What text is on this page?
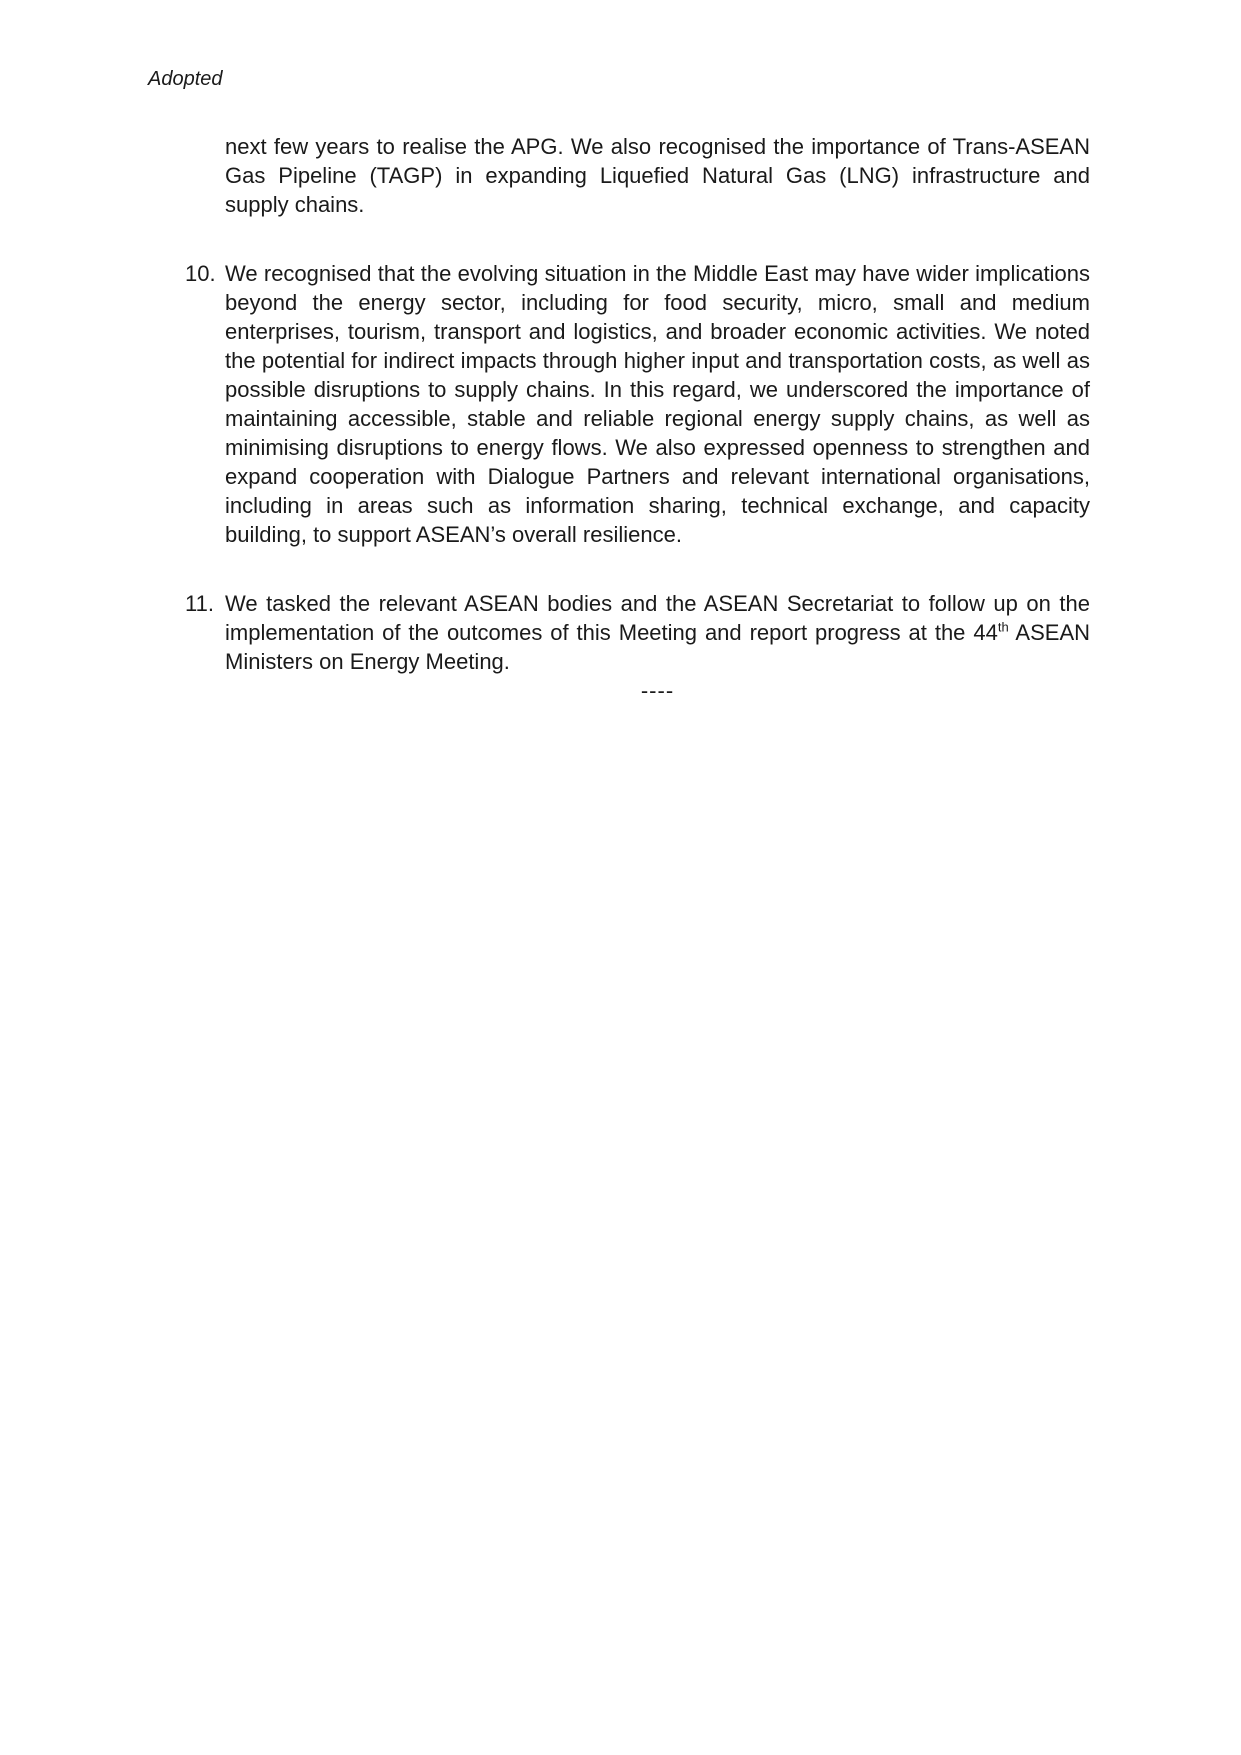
Adopted

next few years to realise the APG. We also recognised the importance of Trans-ASEAN Gas Pipeline (TAGP) in expanding Liquefied Natural Gas (LNG) infrastructure and supply chains.

10. We recognised that the evolving situation in the Middle East may have wider implications beyond the energy sector, including for food security, micro, small and medium enterprises, tourism, transport and logistics, and broader economic activities. We noted the potential for indirect impacts through higher input and transportation costs, as well as possible disruptions to supply chains. In this regard, we underscored the importance of maintaining accessible, stable and reliable regional energy supply chains, as well as minimising disruptions to energy flows. We also expressed openness to strengthen and expand cooperation with Dialogue Partners and relevant international organisations, including in areas such as information sharing, technical exchange, and capacity building, to support ASEAN’s overall resilience.

11. We tasked the relevant ASEAN bodies and the ASEAN Secretariat to follow up on the implementation of the outcomes of this Meeting and report progress at the 44th ASEAN Ministers on Energy Meeting.

----
